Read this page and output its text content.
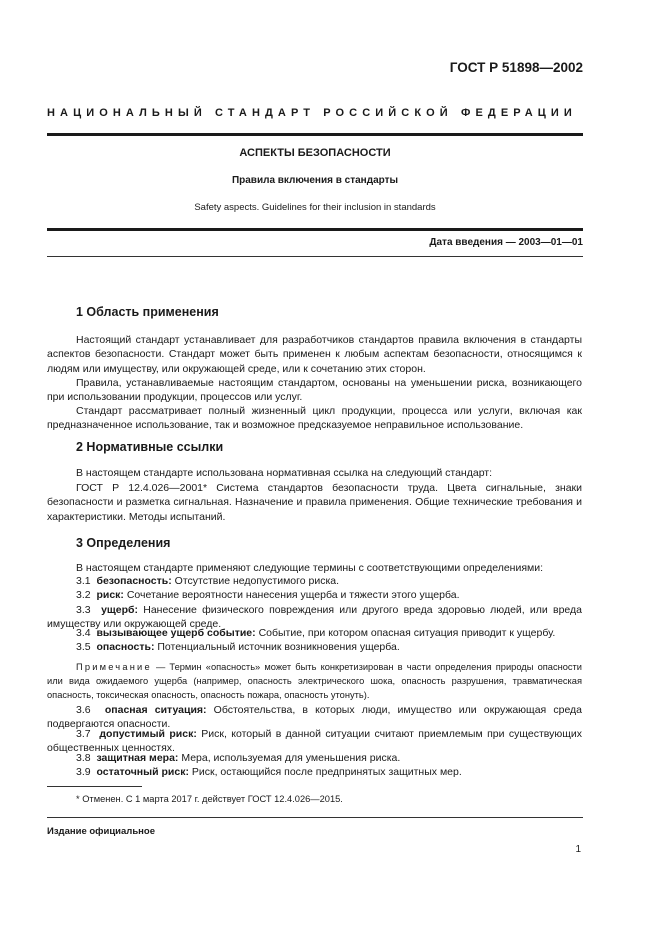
ГОСТ Р 51898—2002
НАЦИОНАЛЬНЫЙ СТАНДАРТ РОССИЙСКОЙ ФЕДЕРАЦИИ
АСПЕКТЫ БЕЗОПАСНОСТИ
Правила включения в стандарты
Safety aspects. Guidelines for their inclusion in standards
Дата введения — 2003—01—01
1 Область применения
Настоящий стандарт устанавливает для разработчиков стандартов правила включения в стандарты аспектов безопасности. Стандарт может быть применен к любым аспектам безопасности, относящимся к людям или имуществу, или окружающей среде, или к сочетанию этих сторон.
Правила, устанавливаемые настоящим стандартом, основаны на уменьшении риска, возникающего при использовании продукции, процессов или услуг.
Стандарт рассматривает полный жизненный цикл продукции, процесса или услуги, включая как предназначенное использование, так и возможное предсказуемое неправильное использование.
2 Нормативные ссылки
В настоящем стандарте использована нормативная ссылка на следующий стандарт:
ГОСТ Р 12.4.026—2001* Система стандартов безопасности труда. Цвета сигнальные, знаки безопасности и разметка сигнальная. Назначение и правила применения. Общие технические требования и характеристики. Методы испытаний.
3 Определения
В настоящем стандарте применяют следующие термины с соответствующими определениями:
3.1 безопасность: Отсутствие недопустимого риска.
3.2 риск: Сочетание вероятности нанесения ущерба и тяжести этого ущерба.
3.3 ущерб: Нанесение физического повреждения или другого вреда здоровью людей, или вреда имуществу или окружающей среде.
3.4 вызывающее ущерб событие: Событие, при котором опасная ситуация приводит к ущербу.
3.5 опасность: Потенциальный источник возникновения ущерба.
Примечание — Термин «опасность» может быть конкретизирован в части определения природы опасности или вида ожидаемого ущерба (например, опасность электрического шока, опасность разрушения, травматическая опасность, токсическая опасность, опасность пожара, опасность утонуть).
3.6 опасная ситуация: Обстоятельства, в которых люди, имущество или окружающая среда подвергаются опасности.
3.7 допустимый риск: Риск, который в данной ситуации считают приемлемым при существующих общественных ценностях.
3.8 защитная мера: Мера, используемая для уменьшения риска.
3.9 остаточный риск: Риск, остающийся после предпринятых защитных мер.
* Отменен. С 1 марта 2017 г. действует ГОСТ 12.4.026—2015.
Издание официальное
1
